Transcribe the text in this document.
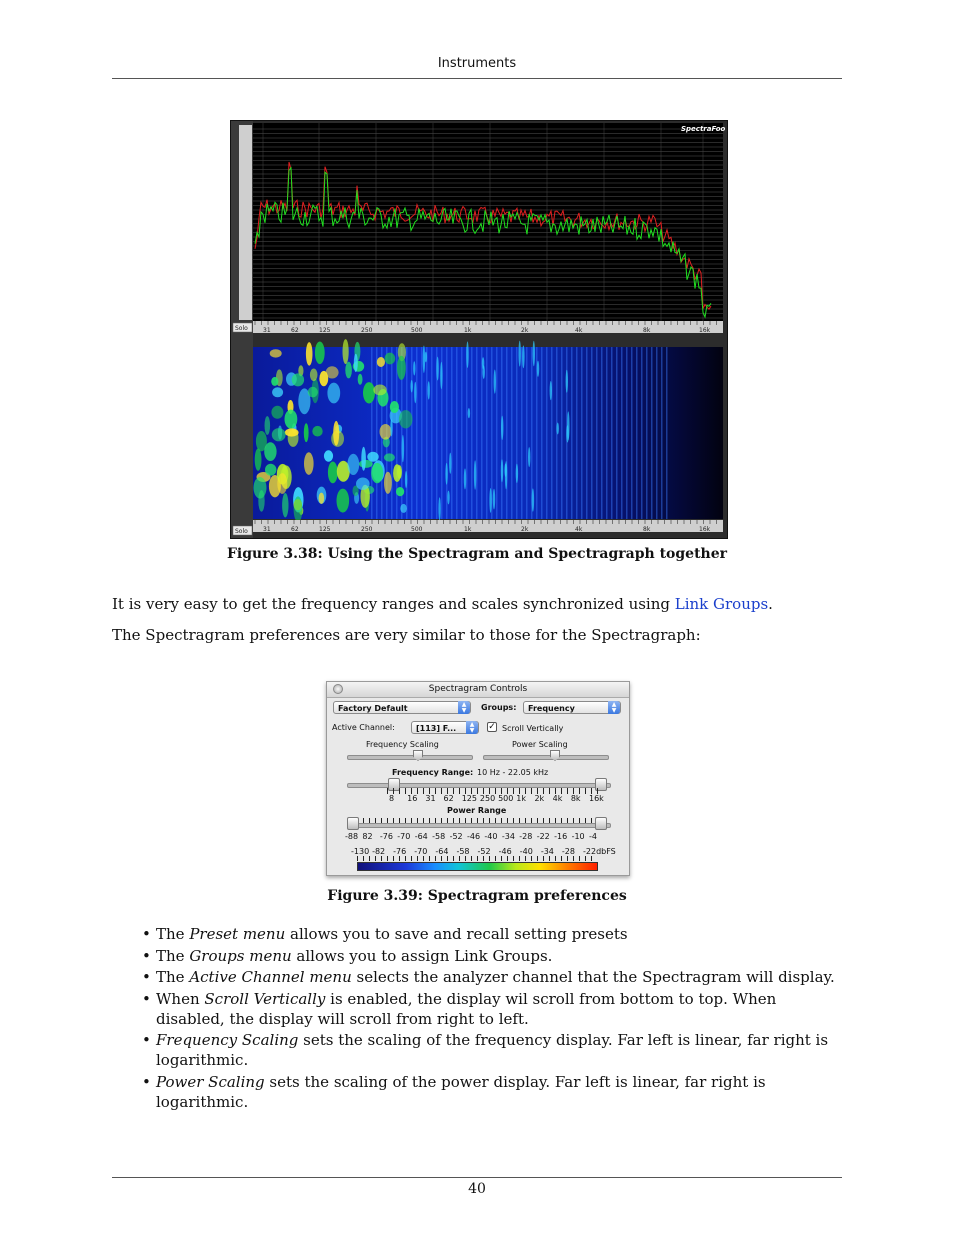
Instruments
SpectraFoo
31	62	125	250	500	1k	2k	4k	8k	16k
Solo
31	62	125	250	500	1k	2k	4k	8k	16k
Solo
Figure 3.38: Using the Spectragram and Spectragraph together
It is very easy to get the frequency ranges and scales synchronized using Link Groups.
The Spectragram preferences are very similar to those for the Spectragraph:
Spectragram Controls
Factory Default	▲
▼	Groups:	Frequency	▲
▼
Active Channel:	[113] F...	▲
▼	✓ Scroll Vertically
Frequency Scaling	Power Scaling
Frequency Range: 10 Hz - 22.05 kHz
8 16 31 62 125 250 500 1k 2k 4k 8k 16k
Power Range
-88 82 -76 -70 -64 -58 -52 -46 -40 -34 -28 -22 -16 -10 -4
-130 -82 -76 -70 -64 -58 -52 -46 -40 -34 -28 -22dbFS
Figure 3.39: Spectragram preferences
• The Preset menu allows you to save and recall setting presets
• The Groups menu allows you to assign Link Groups.
• The Active Channel menu selects the analyzer channel that the Spectragram will display.
• When Scroll Vertically is enabled, the display wil scroll from bottom to top. When disabled, the display will scroll from right to left.
• Frequency Scaling sets the scaling of the frequency display. Far left is linear, far right is logarithmic.
• Power Scaling sets the scaling of the power display. Far left is linear, far right is logarithmic.
40
